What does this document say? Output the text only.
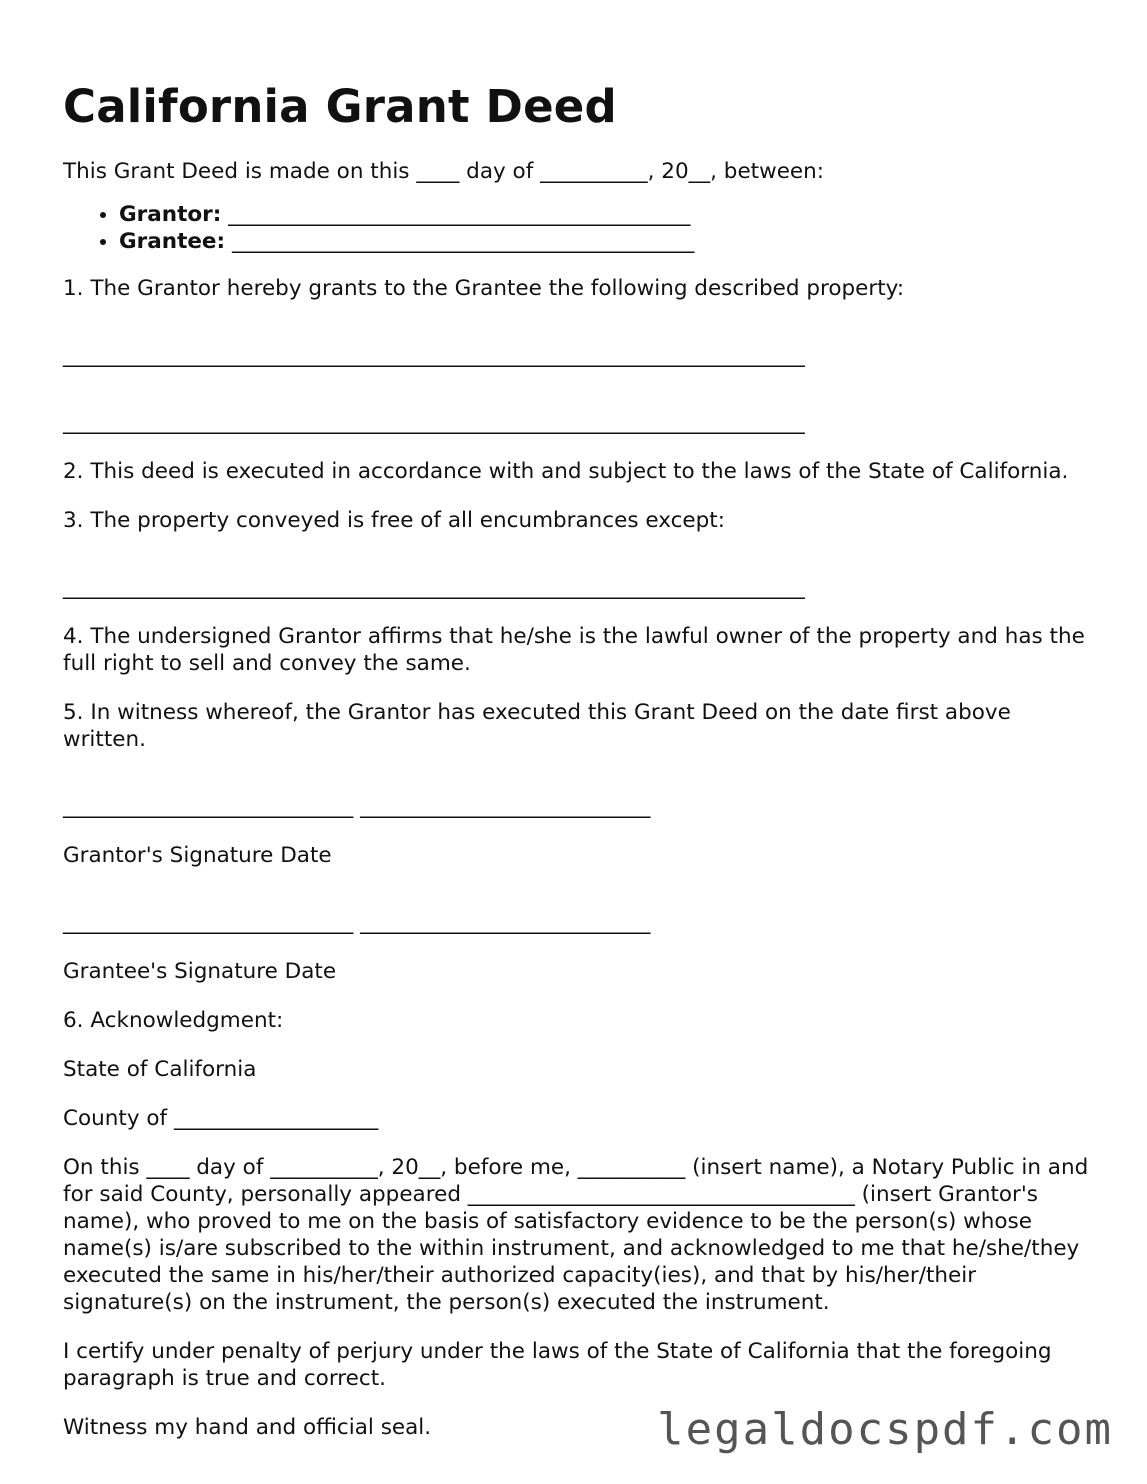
California Grant Deed

This Grant Deed is made on this ____ day of __________, 20__, between:

• Grantor: ___________________________________________
• Grantee: ___________________________________________

1. The Grantor hereby grants to the Grantee the following described property:

_____________________________________________________________________
_____________________________________________________________________

2. This deed is executed in accordance with and subject to the laws of the State of California.

3. The property conveyed is free of all encumbrances except:

_____________________________________________________________________

4. The undersigned Grantor affirms that he/she is the lawful owner of the property and has the full right to sell and convey the same.

5. In witness whereof, the Grantor has executed this Grant Deed on the date first above written.

___________________________ ___________________________

Grantor's Signature Date

___________________________ ___________________________

Grantee's Signature Date

6. Acknowledgment:

State of California

County of ___________________

On this ____ day of __________, 20__, before me, __________ (insert name), a Notary Public in and for said County, personally appeared ____________________________________ (insert Grantor's name), who proved to me on the basis of satisfactory evidence to be the person(s) whose name(s) is/are subscribed to the within instrument, and acknowledged to me that he/she/they executed the same in his/her/their authorized capacity(ies), and that by his/her/their signature(s) on the instrument, the person(s) executed the instrument.

I certify under penalty of perjury under the laws of the State of California that the foregoing paragraph is true and correct.

Witness my hand and official seal.	legaldocspdf.com
